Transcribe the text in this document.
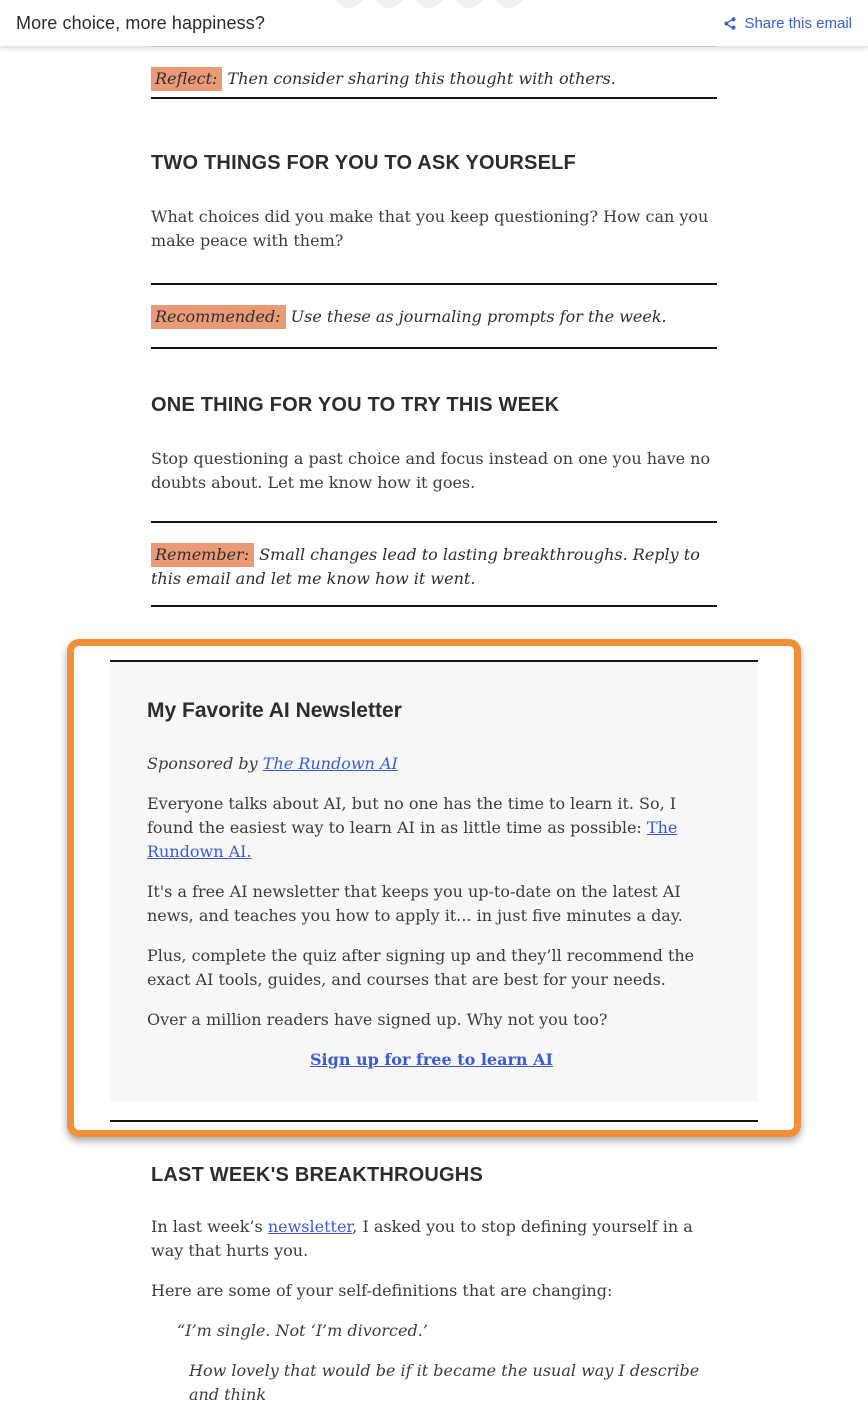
More choice, more happiness?	Share this email

Reflect: Then consider sharing this thought with others.

TWO THINGS FOR YOU TO ASK YOURSELF

What choices did you make that you keep questioning? How can you make peace with them?

Recommended: Use these as journaling prompts for the week.

ONE THING FOR YOU TO TRY THIS WEEK

Stop questioning a past choice and focus instead on one you have no doubts about. Let me know how it goes.

Remember: Small changes lead to lasting breakthroughs. Reply to this email and let me know how it went.

My Favorite AI Newsletter

Sponsored by The Rundown AI

Everyone talks about AI, but no one has the time to learn it. So, I found the easiest way to learn AI in as little time as possible: The Rundown AI.

It's a free AI newsletter that keeps you up-to-date on the latest AI news, and teaches you how to apply it... in just five minutes a day.

Plus, complete the quiz after signing up and they’ll recommend the exact AI tools, guides, and courses that are best for your needs.

Over a million readers have signed up. Why not you too?

Sign up for free to learn AI

LAST WEEK'S BREAKTHROUGHS

In last week’s newsletter, I asked you to stop defining yourself in a way that hurts you.

Here are some of your self-definitions that are changing:

“I’m single. Not ‘I’m divorced.’

How lovely that would be if it became the usual way I describe and think
